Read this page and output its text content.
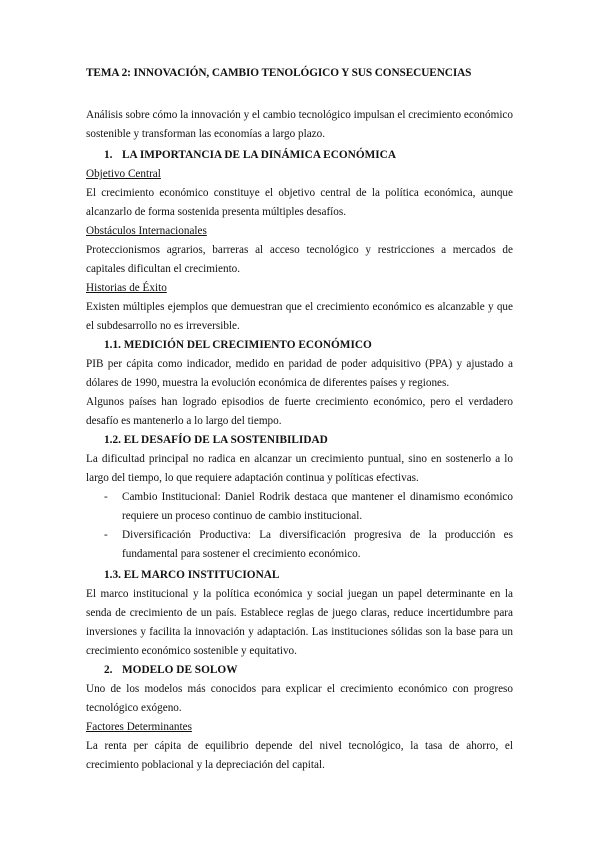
TEMA 2: INNOVACIÓN, CAMBIO TENOLÓGICO Y SUS CONSECUENCIAS
Análisis sobre cómo la innovación y el cambio tecnológico impulsan el crecimiento económico sostenible y transforman las economías a largo plazo.
1. LA IMPORTANCIA DE LA DINÁMICA ECONÓMICA
Objetivo Central
El crecimiento económico constituye el objetivo central de la política económica, aunque alcanzarlo de forma sostenida presenta múltiples desafíos.
Obstáculos Internacionales
Proteccionismos agrarios, barreras al acceso tecnológico y restricciones a mercados de capitales dificultan el crecimiento.
Historias de Éxito
Existen múltiples ejemplos que demuestran que el crecimiento económico es alcanzable y que el subdesarrollo no es irreversible.
1.1. MEDICIÓN DEL CRECIMIENTO ECONÓMICO
PIB per cápita como indicador, medido en paridad de poder adquisitivo (PPA) y ajustado a dólares de 1990, muestra la evolución económica de diferentes países y regiones.
Algunos países han logrado episodios de fuerte crecimiento económico, pero el verdadero desafío es mantenerlo a lo largo del tiempo.
1.2. EL DESAFÍO DE LA SOSTENIBILIDAD
La dificultad principal no radica en alcanzar un crecimiento puntual, sino en sostenerlo a lo largo del tiempo, lo que requiere adaptación continua y políticas efectivas.
- Cambio Institucional: Daniel Rodrik destaca que mantener el dinamismo económico requiere un proceso continuo de cambio institucional.
- Diversificación Productiva: La diversificación progresiva de la producción es fundamental para sostener el crecimiento económico.
1.3. EL MARCO INSTITUCIONAL
El marco institucional y la política económica y social juegan un papel determinante en la senda de crecimiento de un país. Establece reglas de juego claras, reduce incertidumbre para inversiones y facilita la innovación y adaptación. Las instituciones sólidas son la base para un crecimiento económico sostenible y equitativo.
2. MODELO DE SOLOW
Uno de los modelos más conocidos para explicar el crecimiento económico con progreso tecnológico exógeno.
Factores Determinantes
La renta per cápita de equilibrio depende del nivel tecnológico, la tasa de ahorro, el crecimiento poblacional y la depreciación del capital.
